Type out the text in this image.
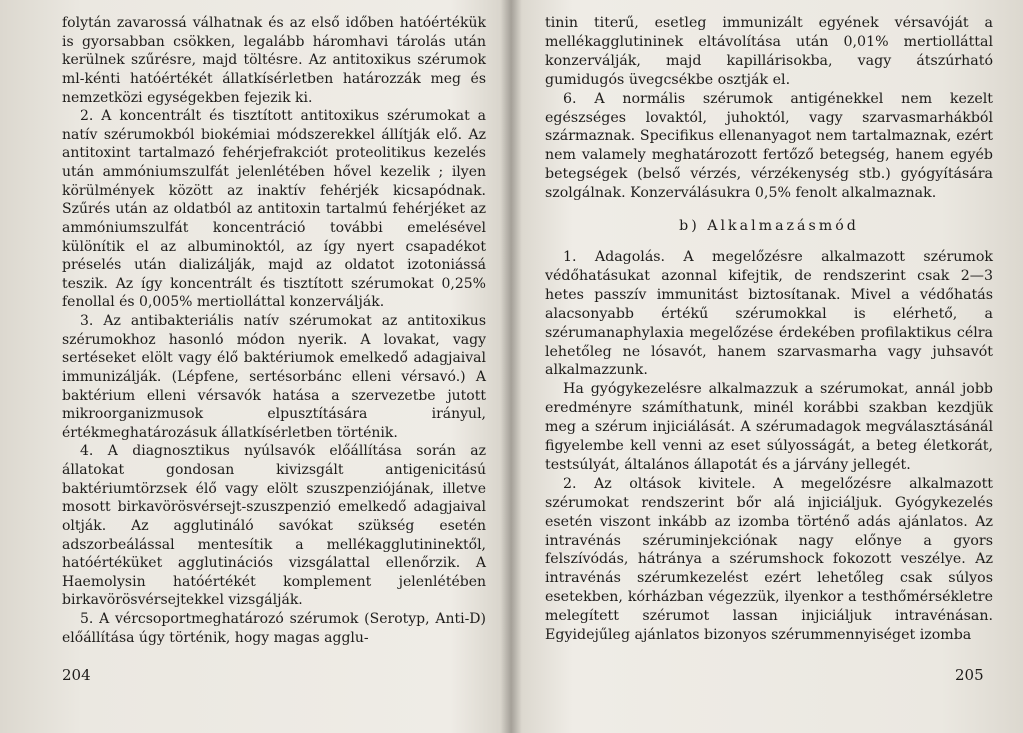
folytán zavarossá válhatnak és az első időben hatóértékük is gyorsabban csökken, legalább háromhavi tárolás után kerülnek szűrésre, majd töltésre. Az antitoxikus szérumok ml-kénti hatóértékét állatkísérletben határozzák meg és nemzetközi egységekben fejezik ki.

2. A koncentrált és tisztított antitoxikus szérumokat a natív szérumokból biokémiai módszerekkel állítják elő. Az antitoxint tartalmazó fehérjefrakciót proteolitikus kezelés után ammóniumszulfát jelenlétében hővel kezelik ; ilyen körülmények között az inaktív fehérjék kicsapódnak. Szűrés után az oldatból az antitoxin tartalmú fehérjéket az ammóniumszulfát koncentráció további emelésével különítik el az albuminoktól, az így nyert csapadékot préselés után dializálják, majd az oldatot izotoniássá teszik. Az így koncentrált és tisztított szérumokat 0,25% fenollal és 0,005% mertiolláttal konzerválják.

3. Az antibakteriális natív szérumokat az antitoxikus szérumokhoz hasonló módon nyerik. A lovakat, vagy sertéseket elölt vagy élő baktériumok emelkedő adagjaival immunizálják. (Lépfene, sertésorbánc elleni vérsavó.) A baktérium elleni vérsavók hatása a szervezetbe jutott mikroorganizmusok elpusztítására irányul, értékmeghatározásuk állatkísérletben történik.

4. A diagnosztikus nyúlsavók előállítása során az állatokat gondosan kivizsgált antigenicitású baktériumtörzsek élő vagy elölt szuszpenziójának, illetve mosott birkavörösvérsejt-szuszpenzió emelkedő adagjaival oltják. Az agglutináló savókat szükség esetén adszorbeálással mentesítik a mellékagglutininektől, hatóértéküket agglutinációs vizsgálattal ellenőrzik. A Haemolysin hatóértékét komplement jelenlétében birkavörösvérsejtekkel vizsgálják.

5. A vércsoportmeghatározó szérumok (Serotyp, Anti-D) előállítása úgy történik, hogy magas agglu-

204

tinin titerű, esetleg immunizált egyének vérsavóját a mellékagglutininek eltávolítása után 0,01% mertiolláttal konzerválják, majd kapillárisokba, vagy átszúrható gumidugós üvegcsékbe osztják el.

6. A normális szérumok antigénekkel nem kezelt egészséges lovaktól, juhoktól, vagy szarvasmarhákból származnak. Specifikus ellenanyagot nem tartalmaznak, ezért nem valamely meghatározott fertőző betegség, hanem egyéb betegségek (belső vérzés, vérzékenység stb.) gyógyítására szolgálnak. Konzerválásukra 0,5% fenolt alkalmaznak.

b) Alkalmazásmód

1. Adagolás. A megelőzésre alkalmazott szérumok védőhatásukat azonnal kifejtik, de rendszerint csak 2—3 hetes passzív immunitást biztosítanak. Mivel a védőhatás alacsonyabb értékű szérumokkal is elérhető, a szérumanaphylaxia megelőzése érdekében profilaktikus célra lehetőleg ne lósavót, hanem szarvasmarha vagy juhsavót alkalmazzunk.

Ha gyógykezelésre alkalmazzuk a szérumokat, annál jobb eredményre számíthatunk, minél korábbi szakban kezdjük meg a szérum injiciálását. A szérumadagok megválasztásánál figyelembe kell venni az eset súlyosságát, a beteg életkorát, testsúlyát, általános állapotát és a járvány jellegét.

2. Az oltások kivitele. A megelőzésre alkalmazott szérumokat rendszerint bőr alá injiciáljuk. Gyógykezelés esetén viszont inkább az izomba történő adás ajánlatos. Az intravénás széruminjekciónak nagy előnye a gyors felszívódás, hátránya a szérumshock fokozott veszélye. Az intravénás szérumkezelést ezért lehetőleg csak súlyos esetekben, kórházban végezzük, ilyenkor a testhőmérsékletre melegített szérumot lassan injiciáljuk intravénásan. Egyidejűleg ajánlatos bizonyos szérummennyiséget izomba

205
